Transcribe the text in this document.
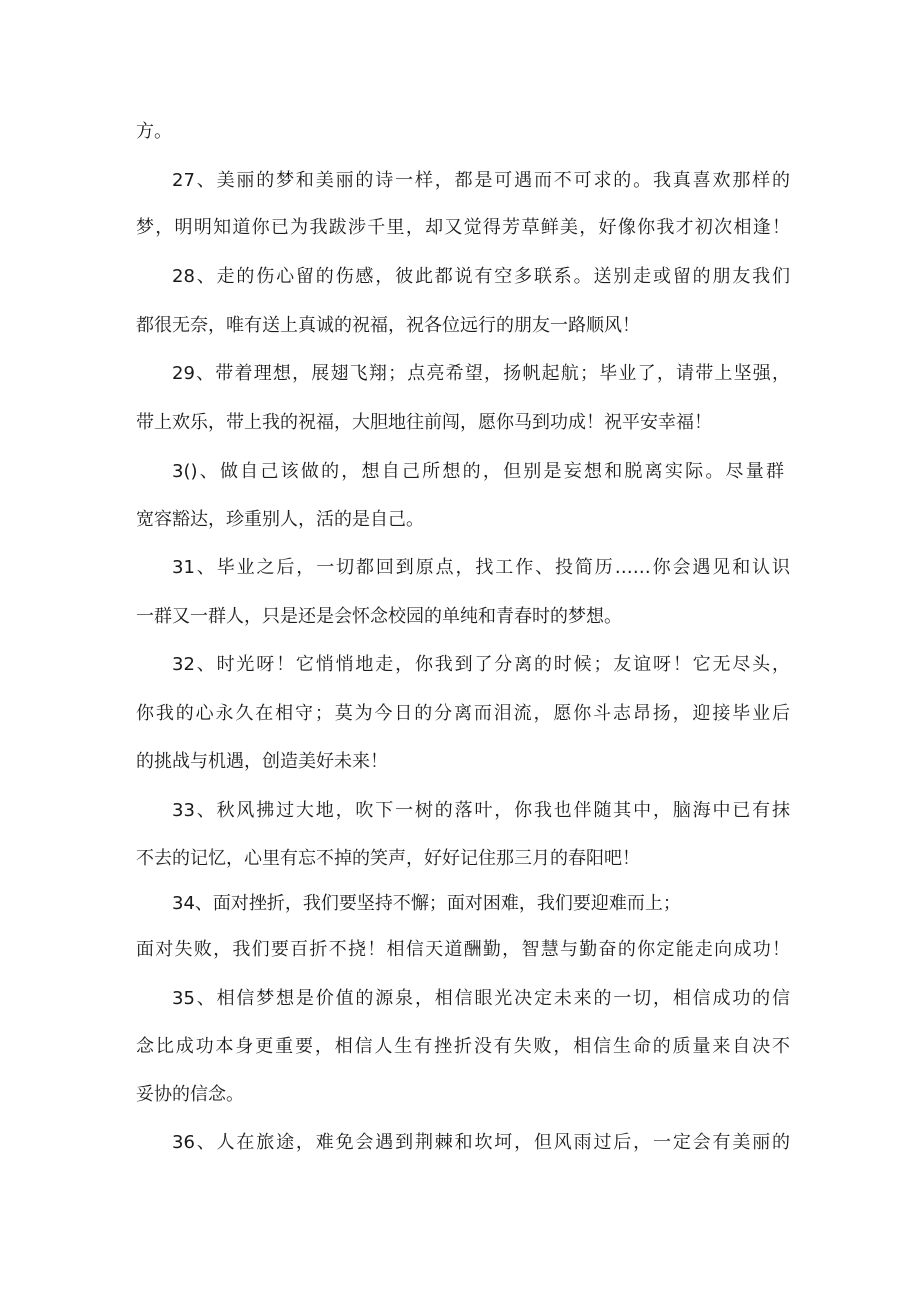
方。
27、美丽的梦和美丽的诗一样，都是可遇而不可求的。我真喜欢那样的
梦，明明知道你已为我跋涉千里，却又觉得芳草鲜美，好像你我才初次相逢！
28、走的伤心留的伤感，彼此都说有空多联系。送别走或留的朋友我们
都很无奈，唯有送上真诚的祝福，祝各位远行的朋友一路顺风！
29、带着理想，展翅飞翔；点亮希望，扬帆起航；毕业了，请带上坚强，
带上欢乐，带上我的祝福，大胆地往前闯，愿你马到功成！祝平安幸福！
3()、做自己该做的，想自己所想的，但别是妄想和脱离实际。尽量群
宽容豁达，珍重别人，活的是自己。
31、毕业之后，一切都回到原点，找工作、投简历……你会遇见和认识
一群又一群人，只是还是会怀念校园的单纯和青春时的梦想。
32、时光呀！它悄悄地走，你我到了分离的时候；友谊呀！它无尽头，
你我的心永久在相守；莫为今日的分离而泪流，愿你斗志昂扬，迎接毕业后
的挑战与机遇，创造美好未来！
33、秋风拂过大地，吹下一树的落叶，你我也伴随其中，脑海中已有抹
不去的记忆，心里有忘不掉的笑声，好好记住那三月的春阳吧！
34、面对挫折，我们要坚持不懈；面对困难，我们要迎难而上；
面对失败，我们要百折不挠！相信天道酬勤，智慧与勤奋的你定能走向成功！
35、相信梦想是价值的源泉，相信眼光决定未来的一切，相信成功的信
念比成功本身更重要，相信人生有挫折没有失败，相信生命的质量来自决不
妥协的信念。
36、人在旅途，难免会遇到荆棘和坎坷，但风雨过后，一定会有美丽的
